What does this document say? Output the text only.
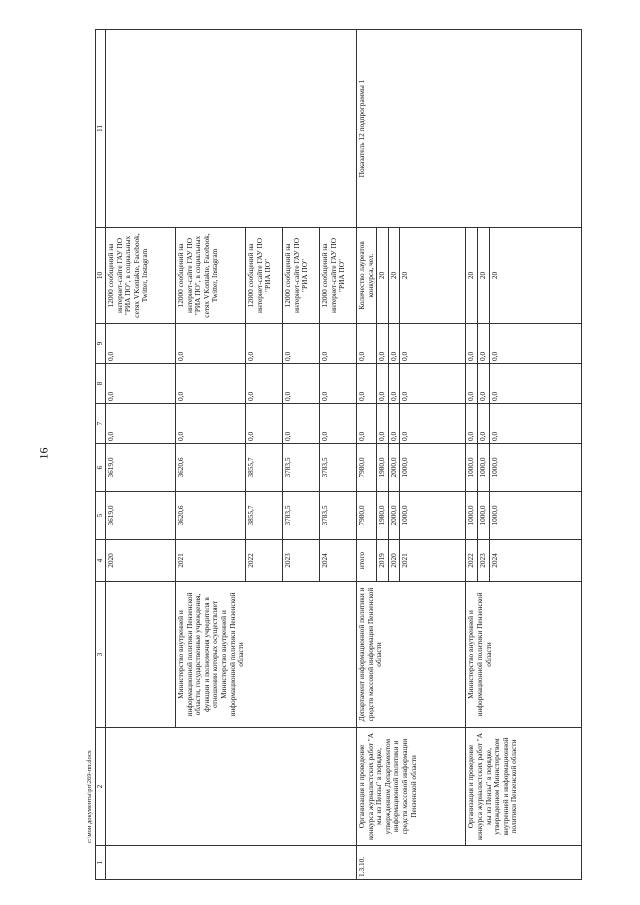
16
1	2	3	4	5	6	7	8	9	10	11
			2020	3619,0	3619,0	0,0	0,0	0,0	12000 сообщений на интернет-сайте ГАУ ПО "РИА ПО", в социальных сетях VKontakte, Facebook, Twitter, Instagram	
		Министерство внутренней и информационной политики Пензенской области, государственные учреждения, функции и полномочия учредителя в отношении которых осуществляет Министерство внутренней и информационной политики Пензенской области	2021	3620,6	3620,6	0,0	0,0	0,0	12000 сообщений на интернет-сайте ГАУ ПО "РИА ПО", в социальных сетях VKontakte, Facebook, Twitter, Instagram	
			2022	3855,7	3855,7	0,0	0,0	0,0	12000 сообщений на интернет-сайте ГАУ ПО "РИА ПО"	
			2023	3783,5	3783,5	0,0	0,0	0,0	12000 сообщений на интернет-сайте ГАУ ПО "РИА ПО"	
			2024	3783,5	3783,5	0,0	0,0	0,0	12000 сообщений на интернет-сайте ГАУ ПО "РИА ПО"	
1.3.10.	Организация и проведение конкурса журналистских работ "А мы из Пензы" в порядке, утвержденном Департаментом информационной политики и средств массовой информации Пензенской области	Департамент информационной политики и средств массовой информации Пензенской области	итого	7980,0	7980,0	0,0	0,0	0,0	Количество лауреатов конкурса, чел.	Показатель 12 подпрограммы 1
			2019	1980,0	1980,0	0,0	0,0	0,0	20	
			2020	2000,0	2000,0	0,0	0,0	0,0	20	
			2021	1000,0	1000,0	0,0	0,0	0,0	20	
	Организация и проведение конкурса журналистских работ "А мы из Пензы" в порядке, утвержденном Министерством внутренней и информационной политики Пензенской области	Министерство внутренней и информационной политики Пензенской области	2022	1000,0	1000,0	0,0	0,0	0,0	20	
			2023	1000,0	1000,0	0,0	0,0	0,0	20	
			2024	1000,0	1000,0	0,0	0,0	0,0	20	
c:\мои документы\рп\269-пп.docx
